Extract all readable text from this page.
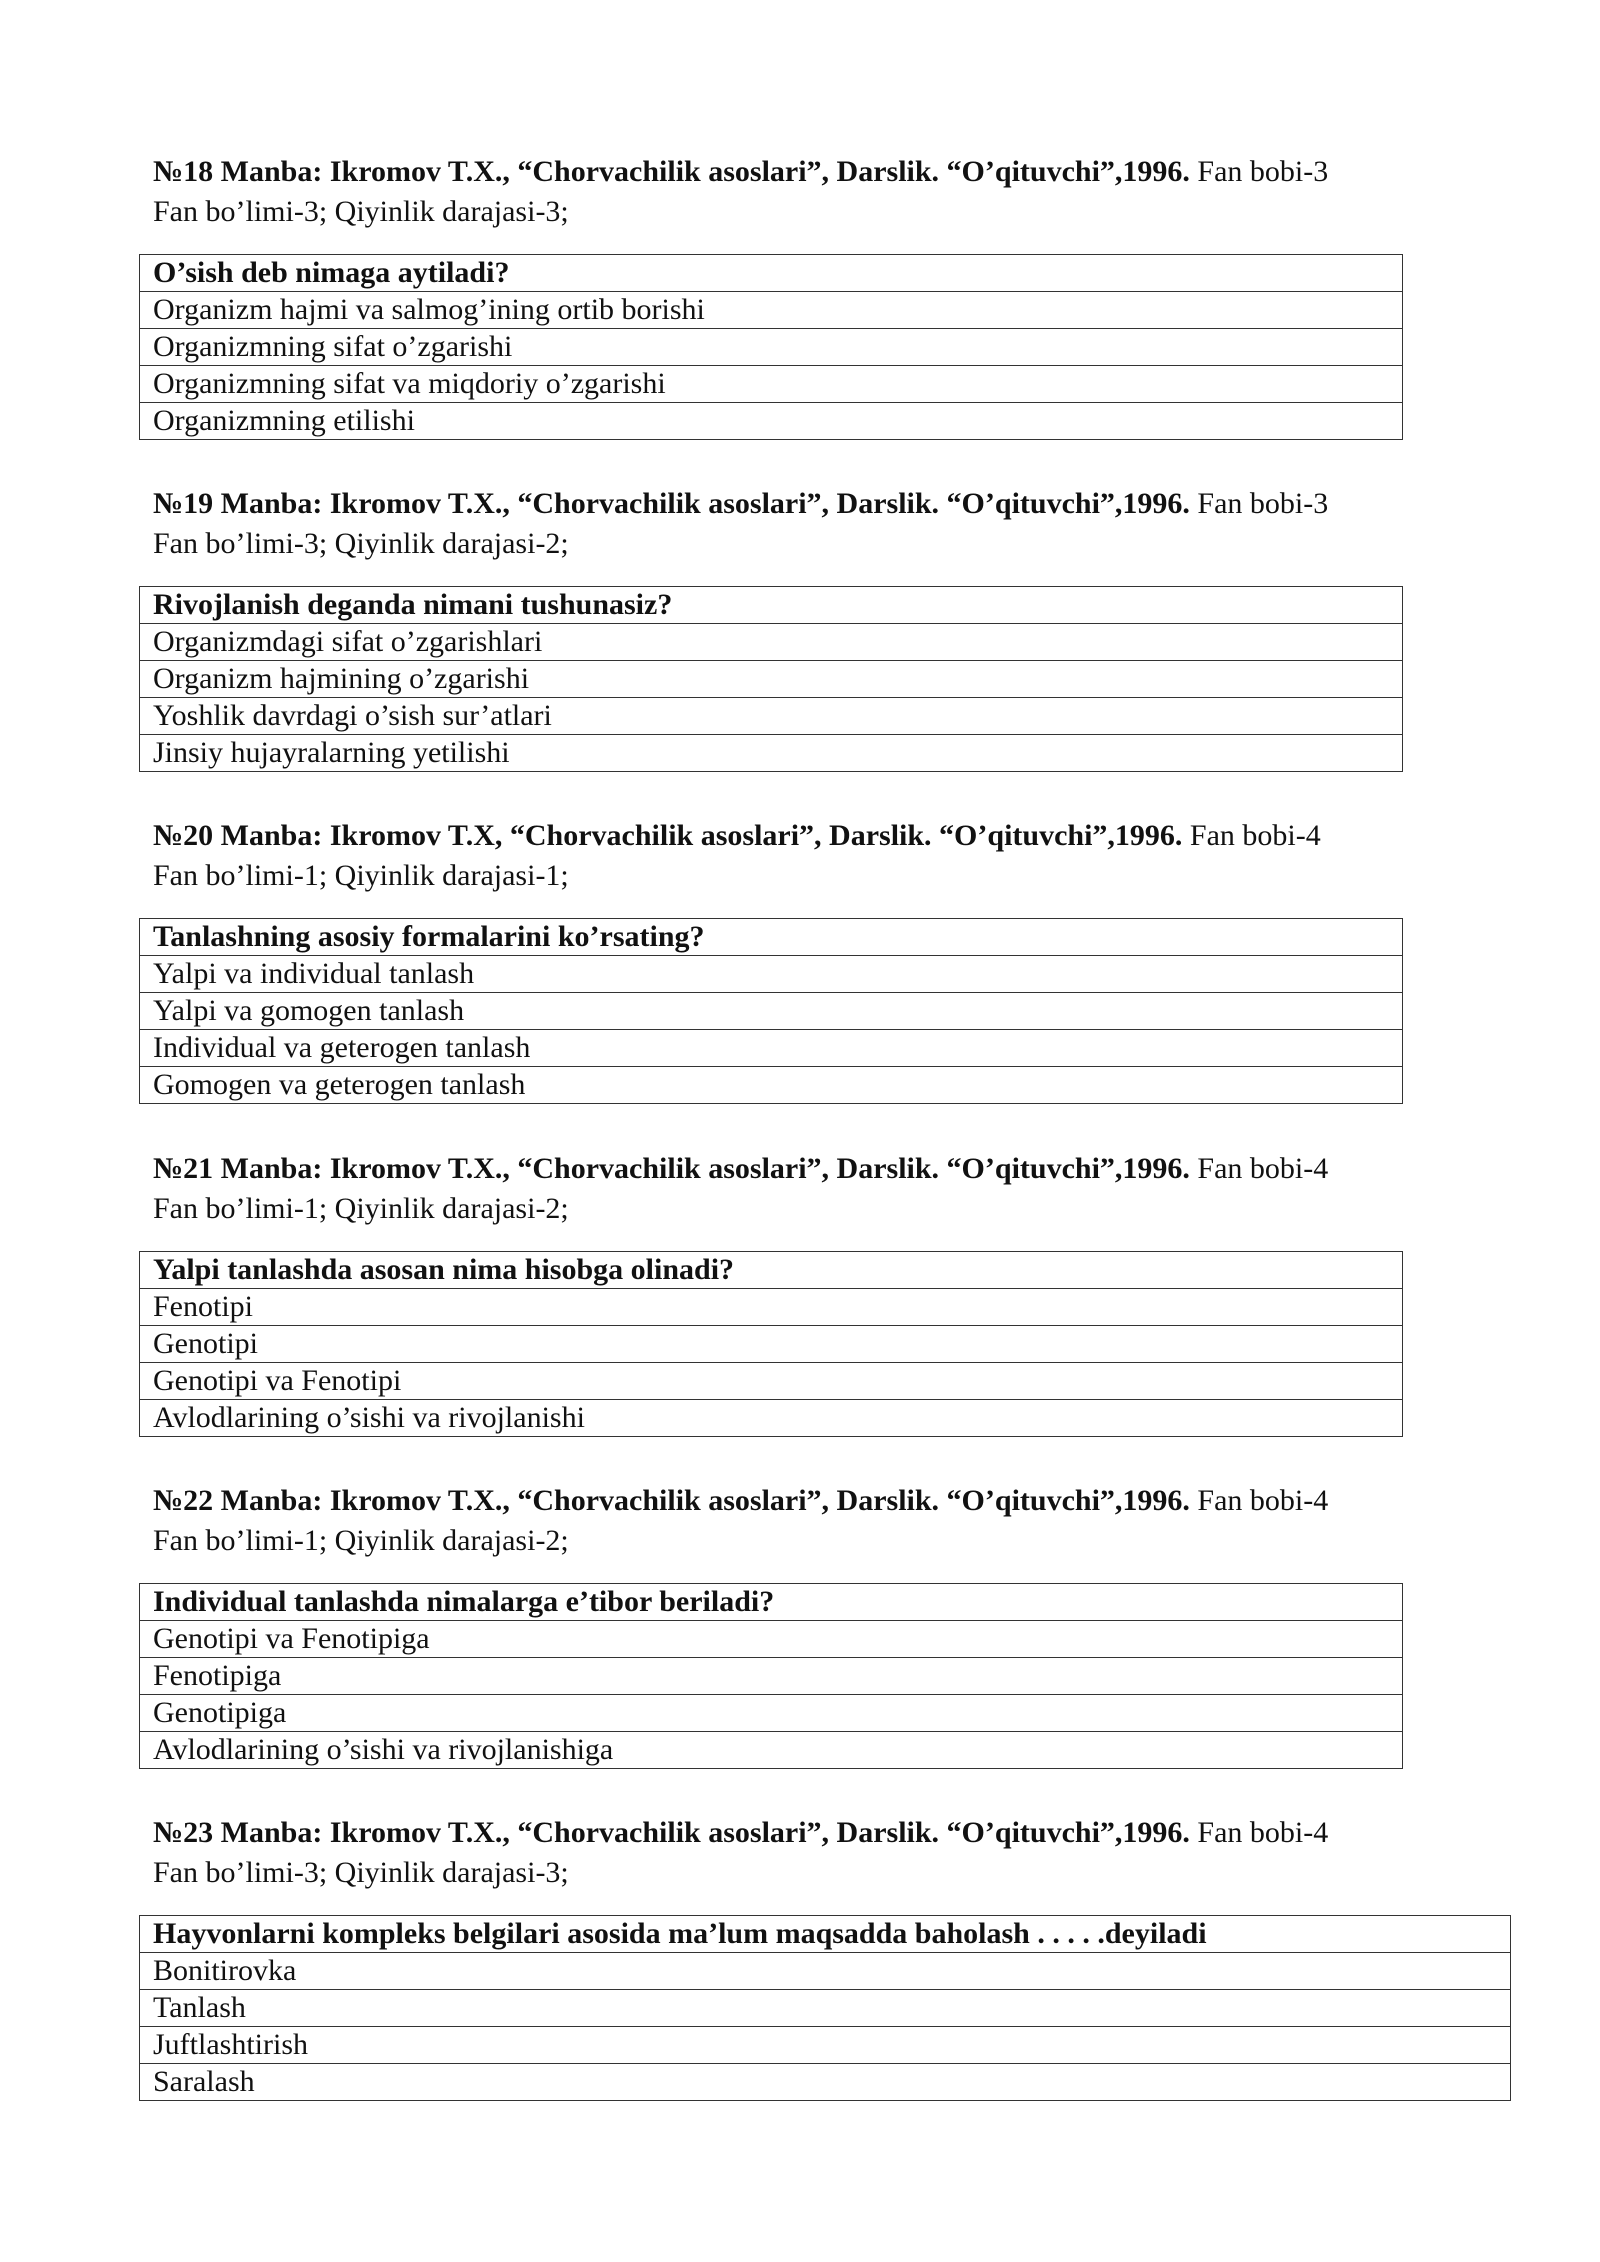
№18 Manba: Ikromov T.X., “Chorvachilik asoslari”, Darslik. “O’qituvchi”,1996. Fan bobi-3
Fan bo’limi-3; Qiyinlik darajasi-3;
O’sish deb nimaga aytiladi?
Organizm hajmi va salmog’ining ortib borishi
Organizmning sifat o’zgarishi
Organizmning sifat va miqdoriy o’zgarishi
Organizmning etilishi
№19 Manba: Ikromov T.X., “Chorvachilik asoslari”, Darslik. “O’qituvchi”,1996. Fan bobi-3
Fan bo’limi-3; Qiyinlik darajasi-2;
Rivojlanish deganda nimani tushunasiz?
Organizmdagi sifat o’zgarishlari
Organizm hajmining o’zgarishi
Yoshlik davrdagi o’sish sur’atlari
Jinsiy hujayralarning yetilishi
№20 Manba: Ikromov T.X, “Chorvachilik asoslari”, Darslik. “O’qituvchi”,1996. Fan bobi-4
Fan bo’limi-1; Qiyinlik darajasi-1;
Tanlashning asosiy formalarini ko’rsating?
Yalpi va individual tanlash
Yalpi va gomogen tanlash
Individual va geterogen tanlash
Gomogen va geterogen tanlash
№21 Manba: Ikromov T.X., “Chorvachilik asoslari”, Darslik. “O’qituvchi”,1996. Fan bobi-4
Fan bo’limi-1; Qiyinlik darajasi-2;
Yalpi tanlashda asosan nima hisobga olinadi?
Fenotipi
Genotipi
Genotipi va Fenotipi
Avlodlarining o’sishi va rivojlanishi
№22 Manba: Ikromov T.X., “Chorvachilik asoslari”, Darslik. “O’qituvchi”,1996. Fan bobi-4
Fan bo’limi-1; Qiyinlik darajasi-2;
Individual tanlashda nimalarga e’tibor beriladi?
Genotipi va Fenotipiga
Fenotipiga
Genotipiga
Avlodlarining o’sishi va rivojlanishiga
№23 Manba: Ikromov T.X., “Chorvachilik asoslari”, Darslik. “O’qituvchi”,1996. Fan bobi-4
Fan bo’limi-3; Qiyinlik darajasi-3;
Hayvonlarni kompleks belgilari asosida ma’lum maqsadda baholash . . . . .deyiladi
Bonitirovka
Tanlash
Juftlashtirish
Saralash
